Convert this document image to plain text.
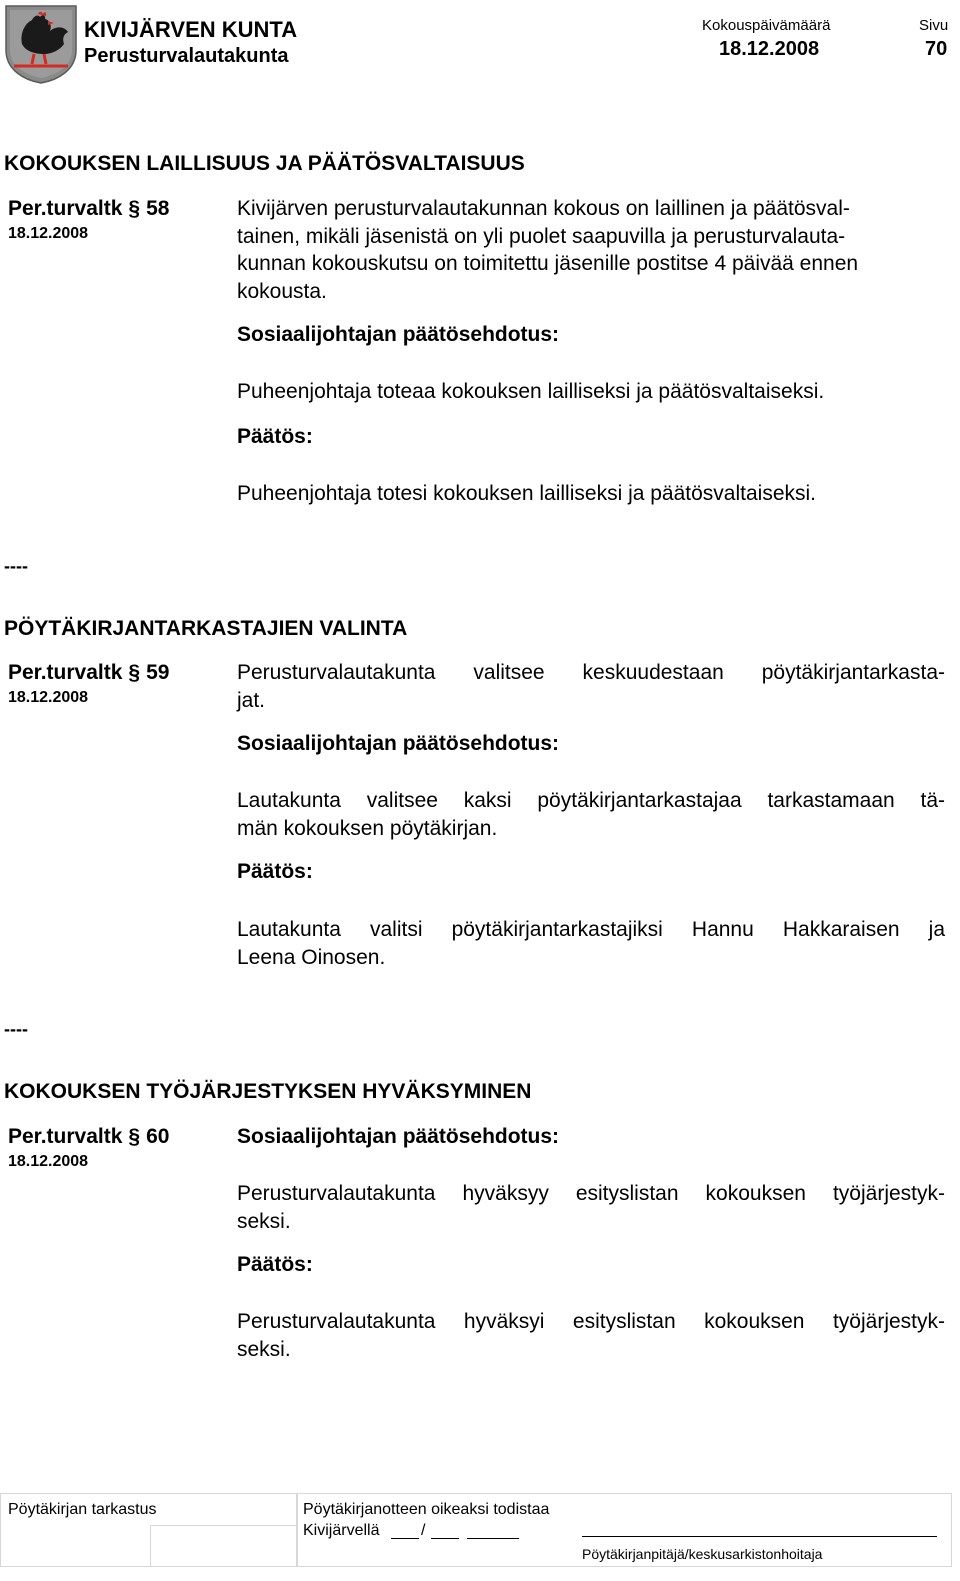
KIVIJÄRVEN KUNTA
Perusturvalautakunta
Kokouspäivämäärä
18.12.2008
Sivu
70
KOKOUKSEN LAILLISUUS JA PÄÄTÖSVALTAISUUS
Per.turvaltk § 58
18.12.2008
Kivijärven perusturvalautakunnan kokous on laillinen ja päätösval-
tainen, mikäli jäsenistä on yli puolet saapuvilla ja perusturvalauta-
kunnan kokouskutsu on toimitettu jäsenille postitse 4 päivää ennen
kokousta.
Sosiaalijohtajan päätösehdotus:
Puheenjohtaja toteaa kokouksen lailliseksi ja päätösvaltaiseksi.
Päätös:
Puheenjohtaja totesi kokouksen lailliseksi ja päätösvaltaiseksi.
----
PÖYTÄKIRJANTARKASTAJIEN VALINTA
Per.turvaltk § 59
18.12.2008
Perusturvalautakunta valitsee keskuudestaan pöytäkirjantarkasta-
jat.
Sosiaalijohtajan päätösehdotus:
Lautakunta valitsee kaksi pöytäkirjantarkastajaa tarkastamaan tä-
män kokouksen pöytäkirjan.
Päätös:
Lautakunta valitsi pöytäkirjantarkastajiksi Hannu Hakkaraisen ja
Leena Oinosen.
----
KOKOUKSEN TYÖJÄRJESTYKSEN HYVÄKSYMINEN
Per.turvaltk § 60
18.12.2008
Sosiaalijohtajan päätösehdotus:
Perusturvalautakunta hyväksyy esityslistan kokouksen työjärjestyk-
seksi.
Päätös:
Perusturvalautakunta hyväksyi esityslistan kokouksen työjärjestyk-
seksi.
Pöytäkirjan tarkastus	Pöytäkirjanotteen oikeaksi todistaa
Kivijärvellä	/
Pöytäkirjanpitäjä/keskusarkistonhoitaja
